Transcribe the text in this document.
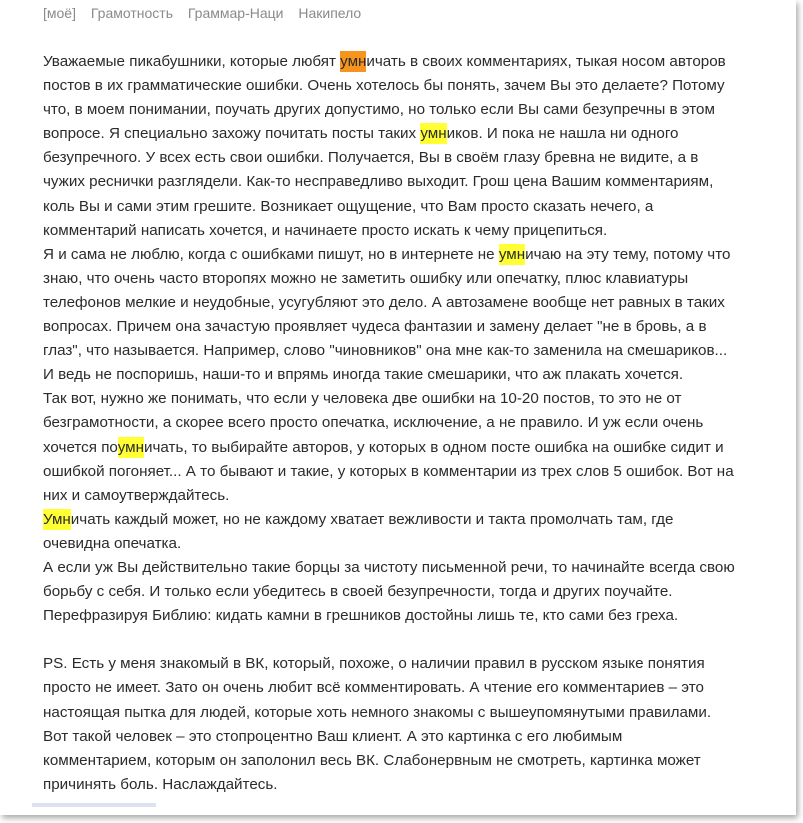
[моё] Грамотность Граммар-Наци Накипело
Уважаемые пикабушники, которые любят умничать в своих комментариях, тыкая носом авторов
постов в их грамматические ошибки. Очень хотелось бы понять, зачем Вы это делаете? Потому
что, в моем понимании, поучать других допустимо, но только если Вы сами безупречны в этом
вопросе. Я специально захожу почитать посты таких умников. И пока не нашла ни одного
безупречного. У всех есть свои ошибки. Получается, Вы в своём глазу бревна не видите, а в
чужих реснички разглядели. Как-то несправедливо выходит. Грош цена Вашим комментариям,
коль Вы и сами этим грешите. Возникает ощущение, что Вам просто сказать нечего, а
комментарий написать хочется, и начинаете просто искать к чему прицепиться.
Я и сама не люблю, когда с ошибками пишут, но в интернете не умничаю на эту тему, потому что
знаю, что очень часто второпях можно не заметить ошибку или опечатку, плюс клавиатуры
телефонов мелкие и неудобные, усугубляют это дело. А автозамене вообще нет равных в таких
вопросах. Причем она зачастую проявляет чудеса фантазии и замену делает "не в бровь, а в
глаз", что называется. Например, слово "чиновников" она мне как-то заменила на смешариков...
И ведь не поспоришь, наши-то и впрямь иногда такие смешарики, что аж плакать хочется.
Так вот, нужно же понимать, что если у человека две ошибки на 10-20 постов, то это не от
безграмотности, а скорее всего просто опечатка, исключение, а не правило. И уж если очень
хочется поумничать, то выбирайте авторов, у которых в одном посте ошибка на ошибке сидит и
ошибкой погоняет... А то бывают и такие, у которых в комментарии из трех слов 5 ошибок. Вот на
них и самоутверждайтесь.
Умничать каждый может, но не каждому хватает вежливости и такта промолчать там, где
очевидна опечатка.
А если уж Вы действительно такие борцы за чистоту письменной речи, то начинайте всегда свою
борьбу с себя. И только если убедитесь в своей безупречности, тогда и других поучайте.
Перефразируя Библию: кидать камни в грешников достойны лишь те, кто сами без греха.
PS. Есть у меня знакомый в ВК, который, похоже, о наличии правил в русском языке понятия
просто не имеет. Зато он очень любит всё комментировать. А чтение его комментариев – это
настоящая пытка для людей, которые хоть немного знакомы с вышеупомянутыми правилами.
Вот такой человек – это стопроцентно Ваш клиент. А это картинка с его любимым
комментарием, которым он заполонил весь ВК. Слабонервным не смотреть, картинка может
причинять боль. Наслаждайтесь.
